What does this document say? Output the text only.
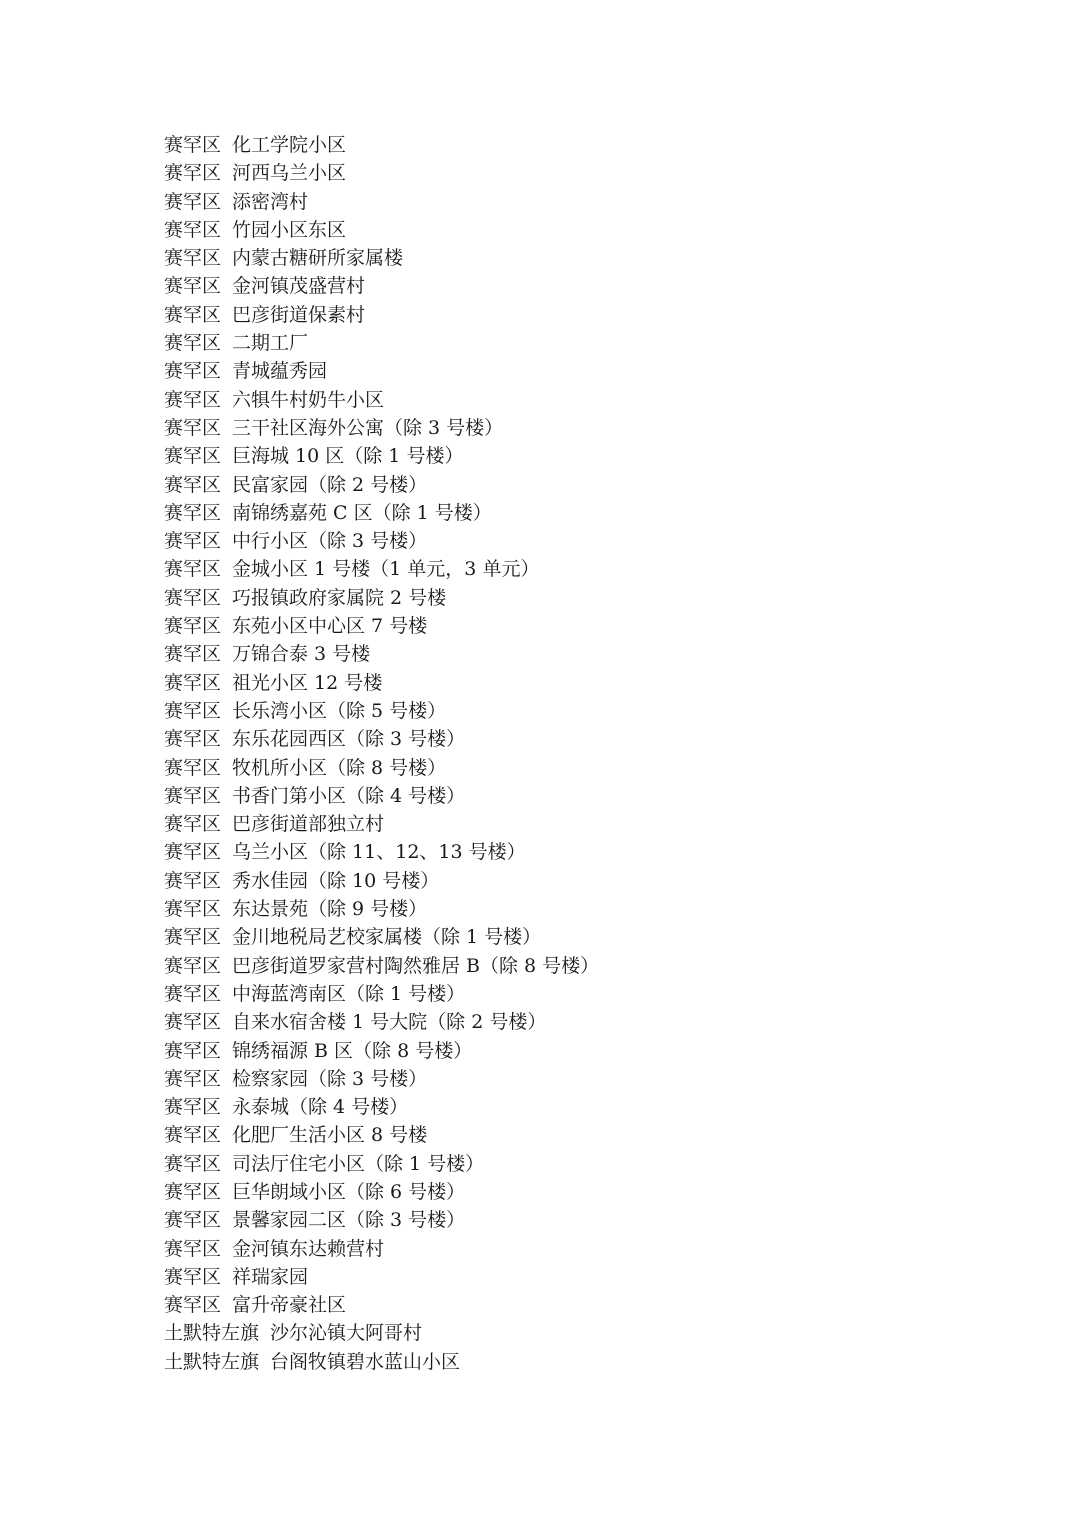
赛罕区 化工学院小区
赛罕区 河西乌兰小区
赛罕区 添密湾村
赛罕区 竹园小区东区
赛罕区 内蒙古糖研所家属楼
赛罕区 金河镇茂盛营村
赛罕区 巴彦街道保素村
赛罕区 二期工厂
赛罕区 青城蕴秀园
赛罕区 六犋牛村奶牛小区
赛罕区 三干社区海外公寓（除 3 号楼）
赛罕区 巨海城 10 区（除 1 号楼）
赛罕区 民富家园（除 2 号楼）
赛罕区 南锦绣嘉苑 C 区（除 1 号楼）
赛罕区 中行小区（除 3 号楼）
赛罕区 金城小区 1 号楼（1 单元，3 单元）
赛罕区 巧报镇政府家属院 2 号楼
赛罕区 东苑小区中心区 7 号楼
赛罕区 万锦合泰 3 号楼
赛罕区 祖光小区 12 号楼
赛罕区 长乐湾小区（除 5 号楼）
赛罕区 东乐花园西区（除 3 号楼）
赛罕区 牧机所小区（除 8 号楼）
赛罕区 书香门第小区（除 4 号楼）
赛罕区 巴彦街道部独立村
赛罕区 乌兰小区（除 11、12、13 号楼）
赛罕区 秀水佳园（除 10 号楼）
赛罕区 东达景苑（除 9 号楼）
赛罕区 金川地税局艺校家属楼（除 1 号楼）
赛罕区 巴彦街道罗家营村陶然雅居 B（除 8 号楼）
赛罕区 中海蓝湾南区（除 1 号楼）
赛罕区 自来水宿舍楼 1 号大院（除 2 号楼）
赛罕区 锦绣福源 B 区（除 8 号楼）
赛罕区 检察家园（除 3 号楼）
赛罕区 永泰城（除 4 号楼）
赛罕区 化肥厂生活小区 8 号楼
赛罕区 司法厅住宅小区（除 1 号楼）
赛罕区 巨华朗域小区（除 6 号楼）
赛罕区 景馨家园二区（除 3 号楼）
赛罕区 金河镇东达赖营村
赛罕区 祥瑞家园
赛罕区 富升帝豪社区
土默特左旗 沙尔沁镇大阿哥村
土默特左旗 台阁牧镇碧水蓝山小区
